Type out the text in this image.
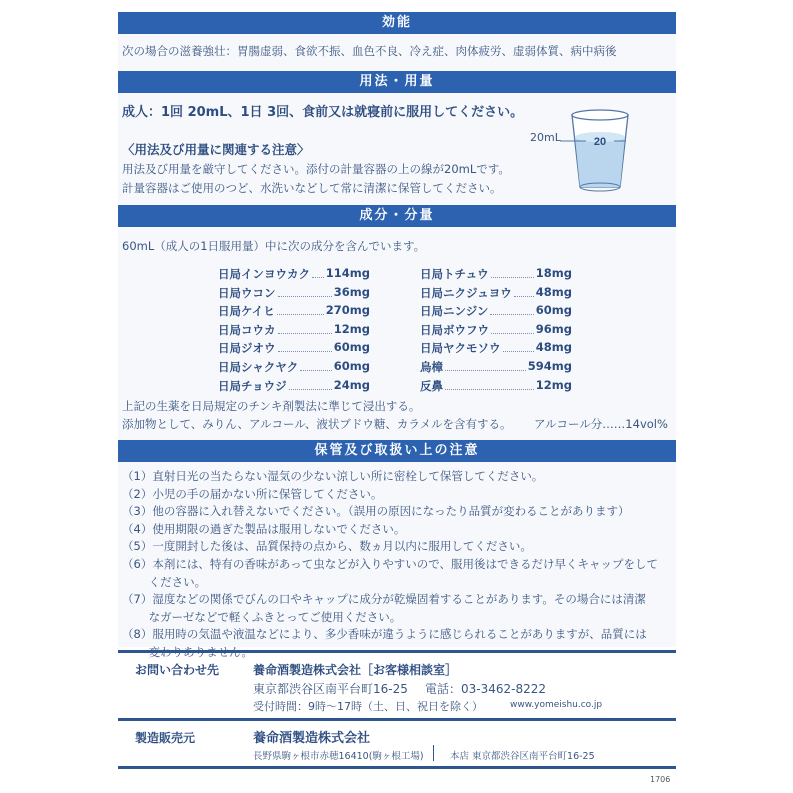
効能
次の場合の滋養強壮：胃腸虚弱、食欲不振、血色不良、冷え症、肉体疲労、虚弱体質、病中病後
用法・用量
成人：1回 20mL、1日 3回、食前又は就寝前に服用してください。
〈用法及び用量に関連する注意〉
用法及び用量を厳守してください。添付の計量容器の上の線が20mLです。
計量容器はご使用のつど、水洗いなどして常に清潔に保管してください。
20mL	20
成分・分量
60mL（成人の1日服用量）中に次の成分を含んでいます。
日局インヨウカク 114mg
日局ウコン	36mg
日局ケイヒ	270mg
日局コウカ	12mg
日局ジオウ	60mg
日局シャクヤク	60mg
日局チョウジ	24mg
日局トチュウ	18mg
日局ニクジュヨウ 48mg
日局ニンジン	60mg
日局ボウフウ	96mg
日局ヤクモソウ	48mg
烏樟	594mg
反鼻	12mg
上記の生薬を日局規定のチンキ剤製法に準じて浸出する。
添加物として、みりん、アルコール、液状ブドウ糖、カラメルを含有する。 アルコール分……14vol%
保管及び取扱い上の注意
（1）直射日光の当たらない湿気の少ない涼しい所に密栓して保管してください。
（2）小児の手の届かない所に保管してください。
（3）他の容器に入れ替えないでください。（誤用の原因になったり品質が変わることがあります）
（4）使用期限の過ぎた製品は服用しないでください。
（5）一度開封した後は、品質保持の点から、数ヵ月以内に服用してください。
（6）本剤には、特有の香味があって虫などが入りやすいので、服用後はできるだけ早くキャップをして
　　 ください。
（7）湿度などの関係でびんの口やキャップに成分が乾燥固着することがあります。その場合には清潔
　　 なガーゼなどで軽くふきとってご使用ください。
（8）服用時の気温や液温などにより、多少香味が違うように感じられることがありますが、品質には
お問い合わせ先	養命酒製造株式会社［お客様相談室］
東京都渋谷区南平台町16-25 電話：03-3462-8222
受付時間：9時〜17時（土、日、祝日を除く）	www.yomeishu.co.jp
製造販売元	養命酒製造株式会社
長野県駒ヶ根市赤穂16410(駒ヶ根工場)	本店 東京都渋谷区南平台町16-25
1706
